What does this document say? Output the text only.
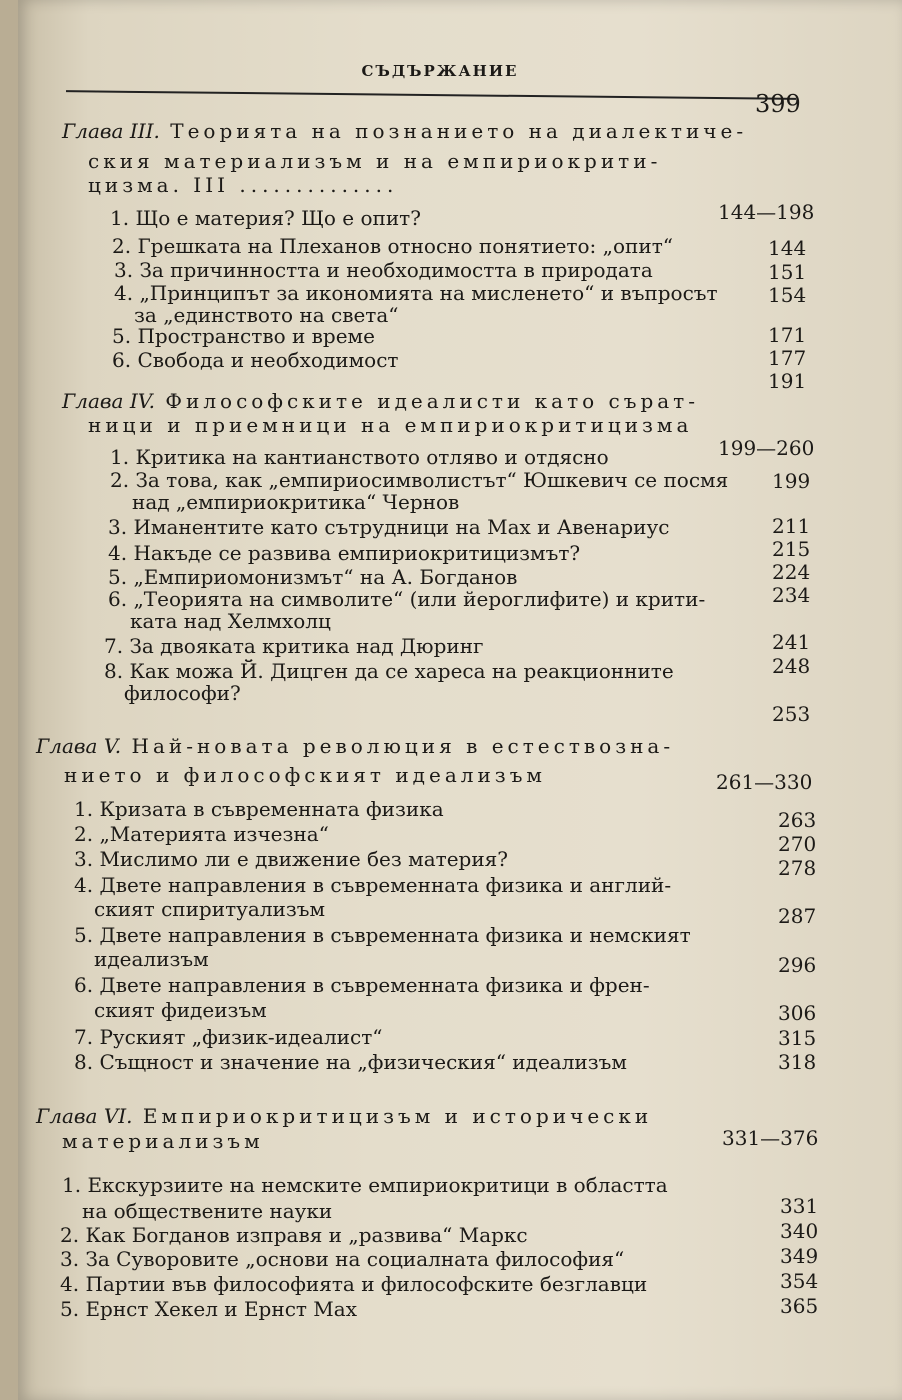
СЪДЪРЖАНИЕ
399
Глава III. Теорията на познанието на диалектиче-
ския материализъм и на емпириокрити-
цизма. III ..............
144—198
1. Що е материя? Що е опит?
2. Грешката на Плеханов относно понятието: „опит“
3. За причинността и необходимостта в природата
4. „Принципът за икономията на мисленето“ и въпросът
за „единството на света“
5. Пространство и време
6. Свобода и необходимост
144
151
154
171
177
191
Глава IV. Философските идеалисти като сърат-
ници и приемници на емпириокритицизма
199—260
1. Критика на кантианството отляво и отдясно
2. За това, как „емпириосимволистът“ Юшкевич се посмя
над „емпириокритика“ Чернов
3. Иманентите като сътрудници на Мах и Авенариус
4. Накъде се развива емпириокритицизмът?
5. „Емпириомонизмът“ на А. Богданов
6. „Теорията на символите“ (или йероглифите) и крити-
ката над Хелмхолц
7. За двояката критика над Дюринг
8. Как можа Й. Дицген да се хареса на реакционните
философи?
199
211
215
224
234
241
248
253
Глава V. Най-новата революция в естествозна-
нието и философският идеализъм	261—330
1. Кризата в съвременната физика
2. „Материята изчезна“
3. Мислимо ли е движение без материя?
4. Двете направления в съвременната физика и англий-
ският спиритуализъм
5. Двете направления в съвременната физика и немският
идеализъм
6. Двете направления в съвременната физика и френ-
ският фидеизъм
7. Руският „физик-идеалист“
8. Същност и значение на „физическия“ идеализъм
263
270
278
287
296
306
315
318
Глава VI. Емпириокритицизъм и исторически
материализъм	331—376
1. Екскурзиите на немските емпириокритици в областта
на обществените науки
2. Как Богданов изправя и „развива“ Маркс
3. За Суворовите „основи на социалната философия“
4. Партии във философията и философските безглавци
5. Ернст Хекел и Ернст Мах
331
340
349
354
365
